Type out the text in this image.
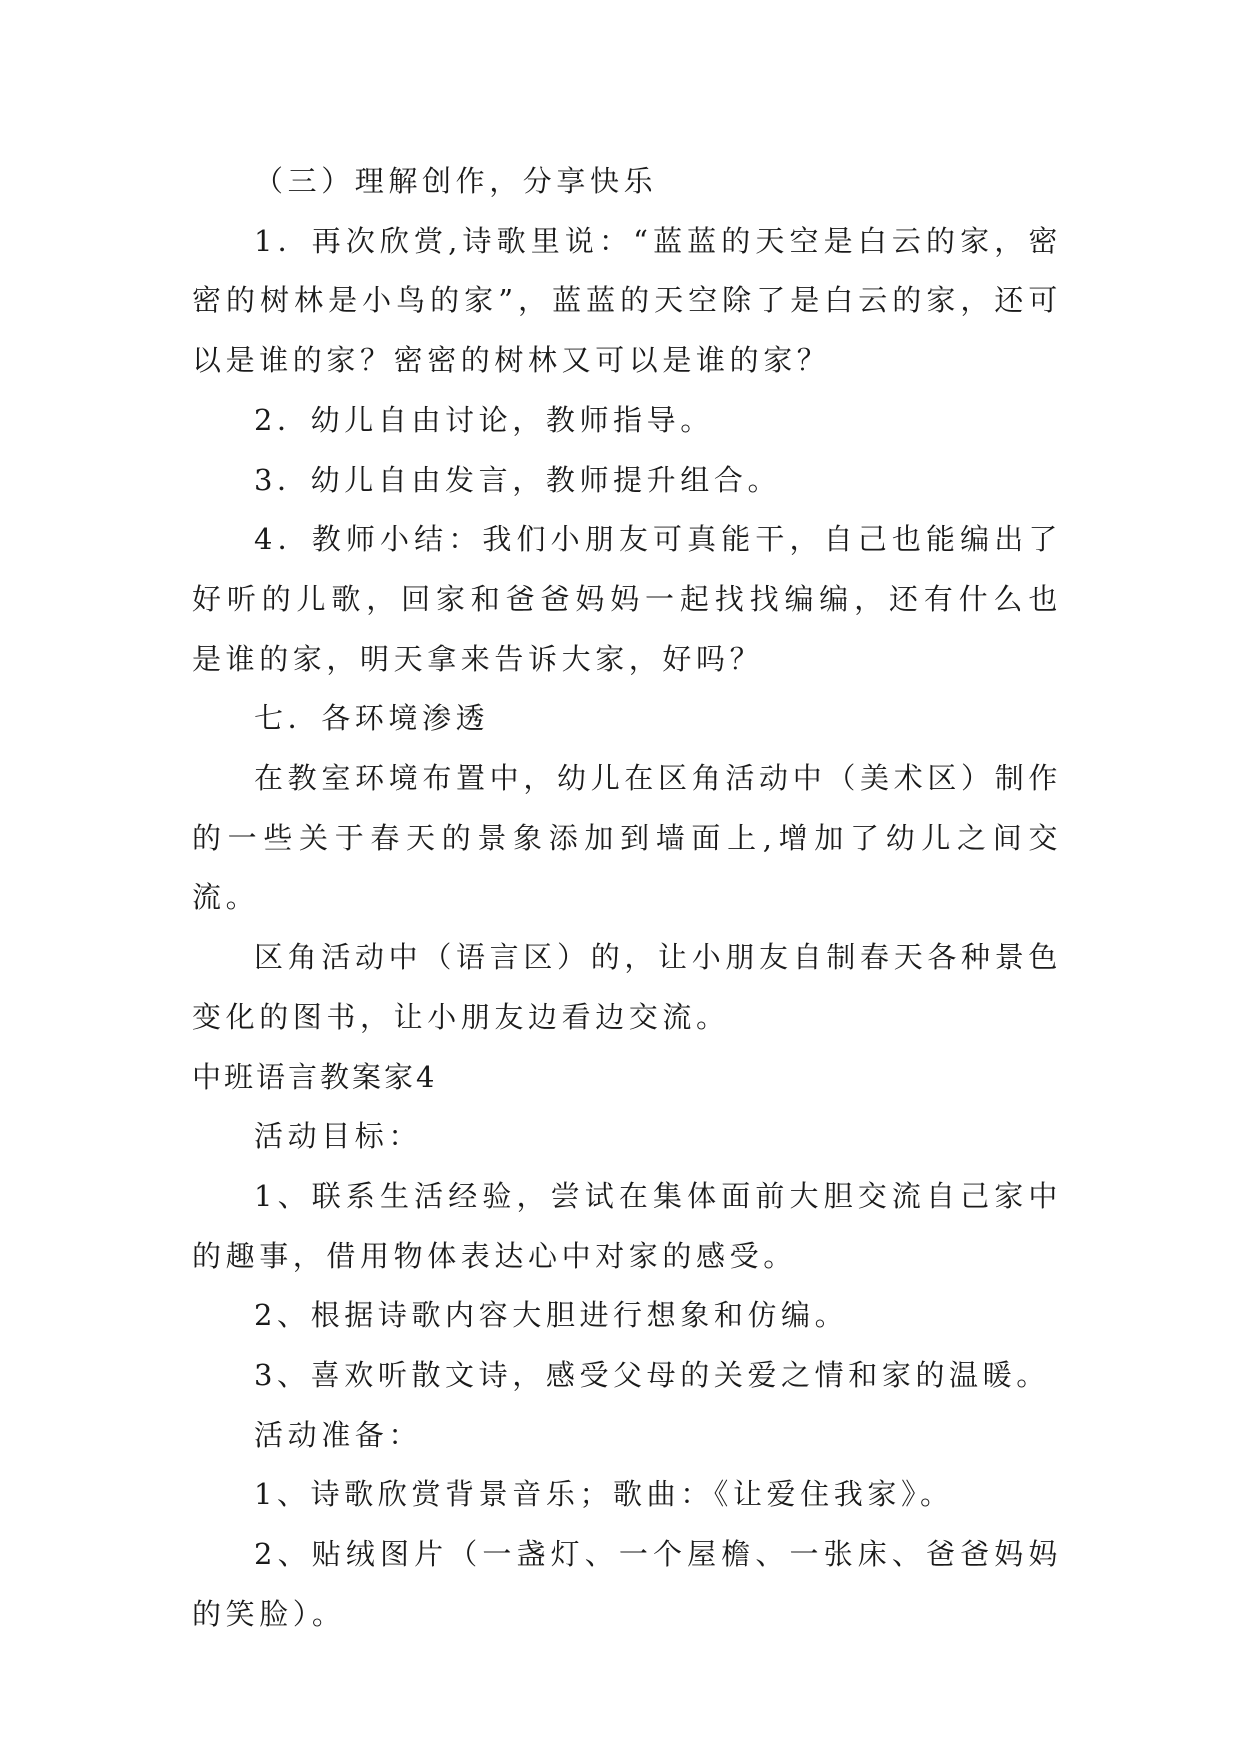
（三）理解创作，分享快乐

1．再次欣赏,诗歌里说：“蓝蓝的天空是白云的家，密密的树林是小鸟的家”，蓝蓝的天空除了是白云的家，还可以是谁的家？密密的树林又可以是谁的家？

2．幼儿自由讨论，教师指导。

3．幼儿自由发言，教师提升组合。

4．教师小结：我们小朋友可真能干，自己也能编出了好听的儿歌，回家和爸爸妈妈一起找找编编，还有什么也是谁的家，明天拿来告诉大家，好吗？

七．各环境渗透

在教室环境布置中，幼儿在区角活动中（美术区）制作的一些关于春天的景象添加到墙面上,增加了幼儿之间交流。

区角活动中（语言区）的，让小朋友自制春天各种景色变化的图书，让小朋友边看边交流。

中班语言教案家4

活动目标：

1、联系生活经验，尝试在集体面前大胆交流自己家中的趣事，借用物体表达心中对家的感受。

2、根据诗歌内容大胆进行想象和仿编。

3、喜欢听散文诗，感受父母的关爱之情和家的温暖。

活动准备：

1、诗歌欣赏背景音乐；歌曲：《让爱住我家》。

2、贴绒图片（一盏灯、一个屋檐、一张床、爸爸妈妈的笑脸）。
